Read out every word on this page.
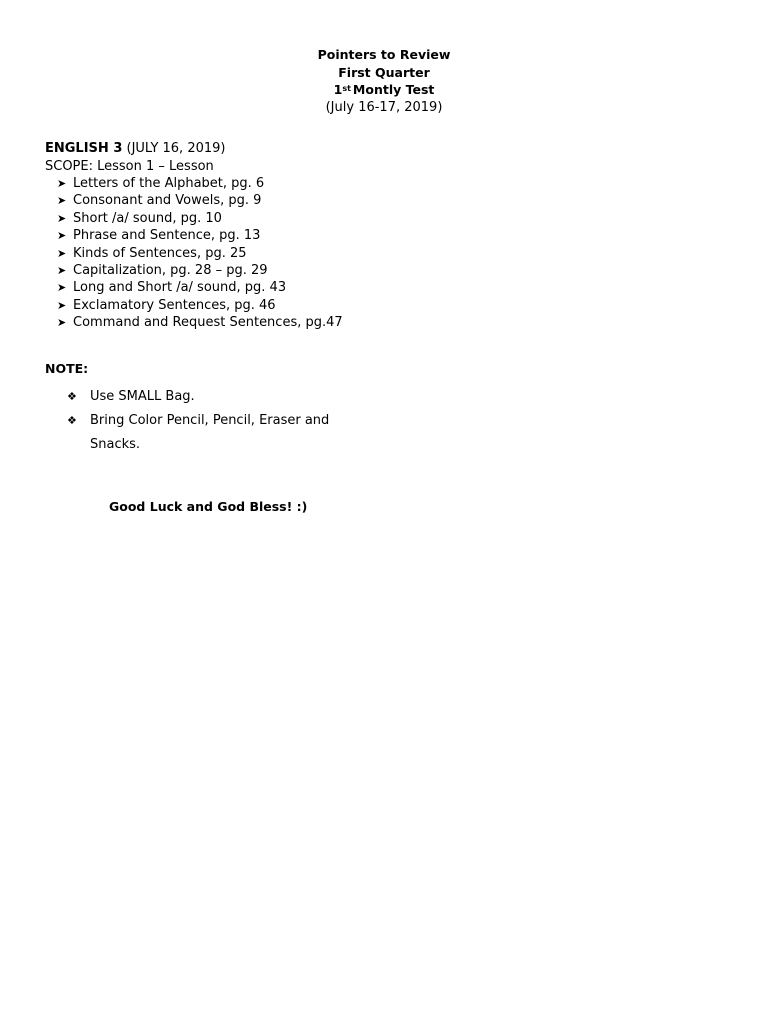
Pointers to Review
First Quarter
1st Montly Test
(July 16-17, 2019)
ENGLISH 3 (JULY 16, 2019)
SCOPE: Lesson 1 – Lesson
➤ Letters of the Alphabet, pg. 6
➤ Consonant and Vowels, pg. 9
➤ Short /a/ sound, pg. 10
➤ Phrase and Sentence, pg. 13
➤ Kinds of Sentences, pg. 25
➤ Capitalization, pg. 28 – pg. 29
➤ Long and Short /a/ sound, pg. 43
➤ Exclamatory Sentences, pg. 46
➤ Command and Request Sentences, pg.47
NOTE:
❖	Use SMALL Bag.
❖	Bring Color Pencil, Pencil, Eraser and Snacks.
Good Luck and God Bless! :)
